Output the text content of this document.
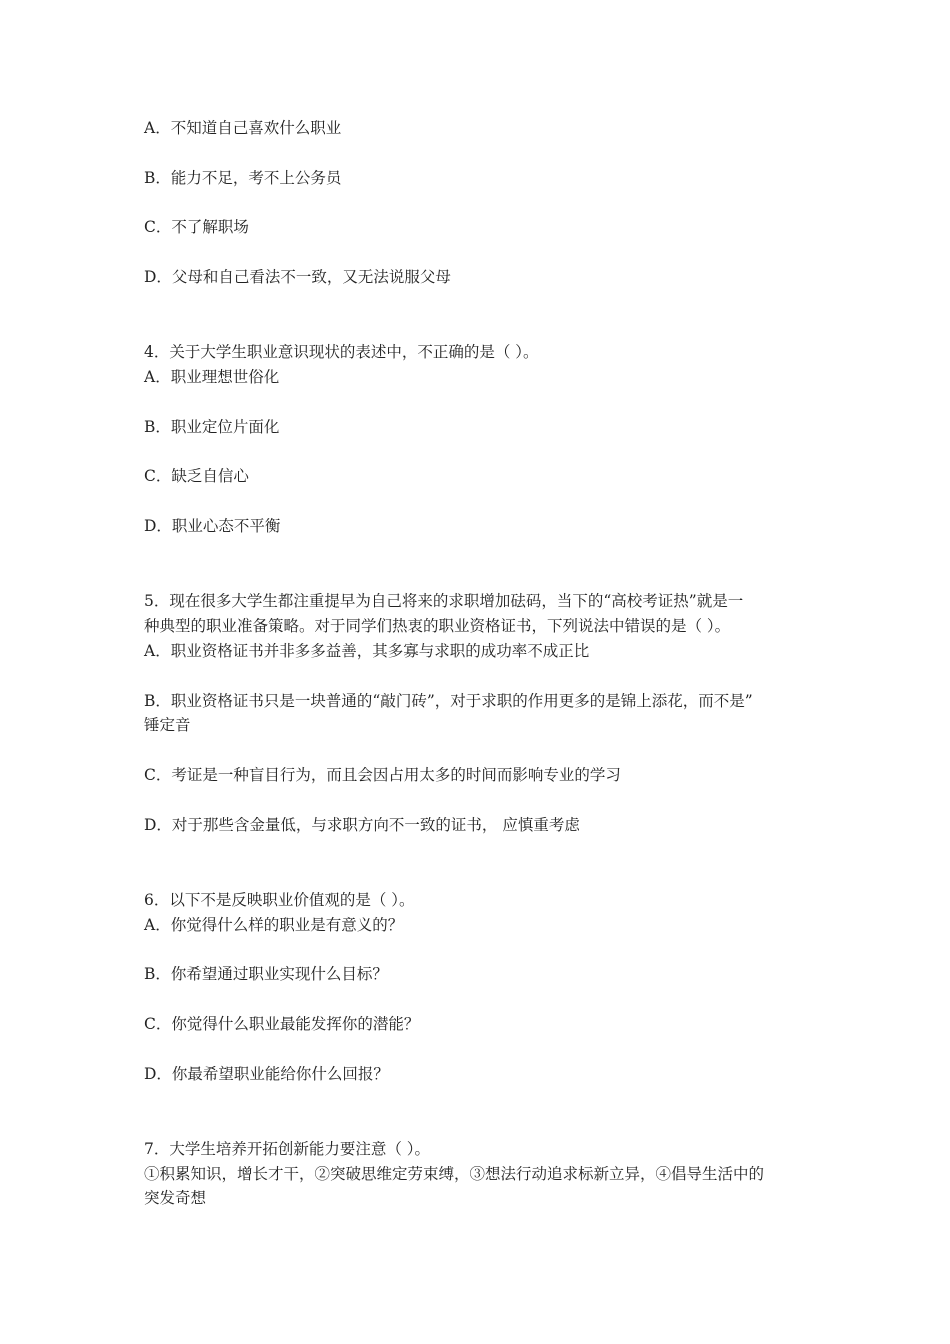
A．不知道自己喜欢什么职业
B．能力不足，考不上公务员
C．不了解职场
D．父母和自己看法不一致，又无法说服父母
4．关于大学生职业意识现状的表述中，不正确的是（ ）。
A．职业理想世俗化
B．职业定位片面化
C．缺乏自信心
D．职业心态不平衡
5．现在很多大学生都注重提早为自己将来的求职增加砝码，当下的“高校考证热”就是一
种典型的职业准备策略。对于同学们热衷的职业资格证书，下列说法中错误的是（ ）。
A．职业资格证书并非多多益善，其多寡与求职的成功率不成正比
B．职业资格证书只是一块普通的“敲门砖”，对于求职的作用更多的是锦上添花，而不是”
锤定音
C．考证是一种盲目行为，而且会因占用太多的时间而影响专业的学习
D．对于那些含金量低，与求职方向不一致的证书， 应慎重考虑
6．以下不是反映职业价值观的是（ ）。
A．你觉得什么样的职业是有意义的？
B．你希望通过职业实现什么目标？
C．你觉得什么职业最能发挥你的潜能？
D．你最希望职业能给你什么回报？
7．大学生培养开拓创新能力要注意（ ）。
①积累知识，增长才干，②突破思维定劳束缚，③想法行动追求标新立异，④倡导生活中的
突发奇想
